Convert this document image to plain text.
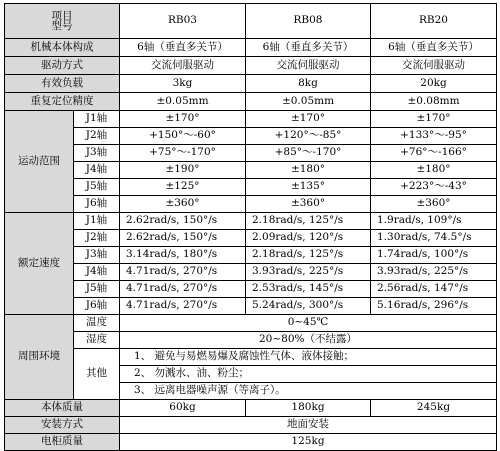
项目
型号		RB03	RB08	RB20
机械本体构成		6轴（垂直多关节）	6轴（垂直多关节）	6轴（垂直多关节）
驱动方式		交流伺服驱动	交流伺服驱动	交流伺服驱动
有效负载		3kg	8kg	20kg
重复定位精度		±0.05mm	±0.05mm	±0.08mm
运动范围	J1轴	±170°	±170°	±170°
	J2轴	+150°～-60°	+120°～-85°	+133°～-95°
	J3轴	+75°～-170°	+85°～-170°	+76°～-166°
	J4轴	±190°	±180°	±180°
	J5轴	±125°	±135°	+223°～-43°
	J6轴	±360°	±360°	±360°
额定速度	J1轴	2.62rad/s, 150°/s	2.18rad/s, 125°/s	1.9rad/s, 109°/s
	J2轴	2.62rad/s, 150°/s	2.09rad/s, 120°/s	1.30rad/s, 74.5°/s
	J3轴	3.14rad/s, 180°/s	2.18rad/s, 125°/s	1.74rad/s, 100°/s
	J4轴	4.71rad/s, 270°/s	3.93rad/s, 225°/s	3.93rad/s, 225°/s
	J5轴	4.71rad/s, 270°/s	2.53rad/s, 145°/s	2.56rad/s, 147°/s
	J6轴	4.71rad/s, 270°/s	5.24rad/s, 300°/s	5.16rad/s, 296°/s
周围环境	温度	0~45℃		
	湿度	20~80%（不结露）		
	其他	1、 避免与易燃易爆及腐蚀性气体、液体接触；		
		2、 勿溅水、油、粉尘；		
		3、 远离电器噪声源（等离子）。		
本体质量		60kg	180kg	245kg
安装方式		地面安装		
电柜质量		125kg		
